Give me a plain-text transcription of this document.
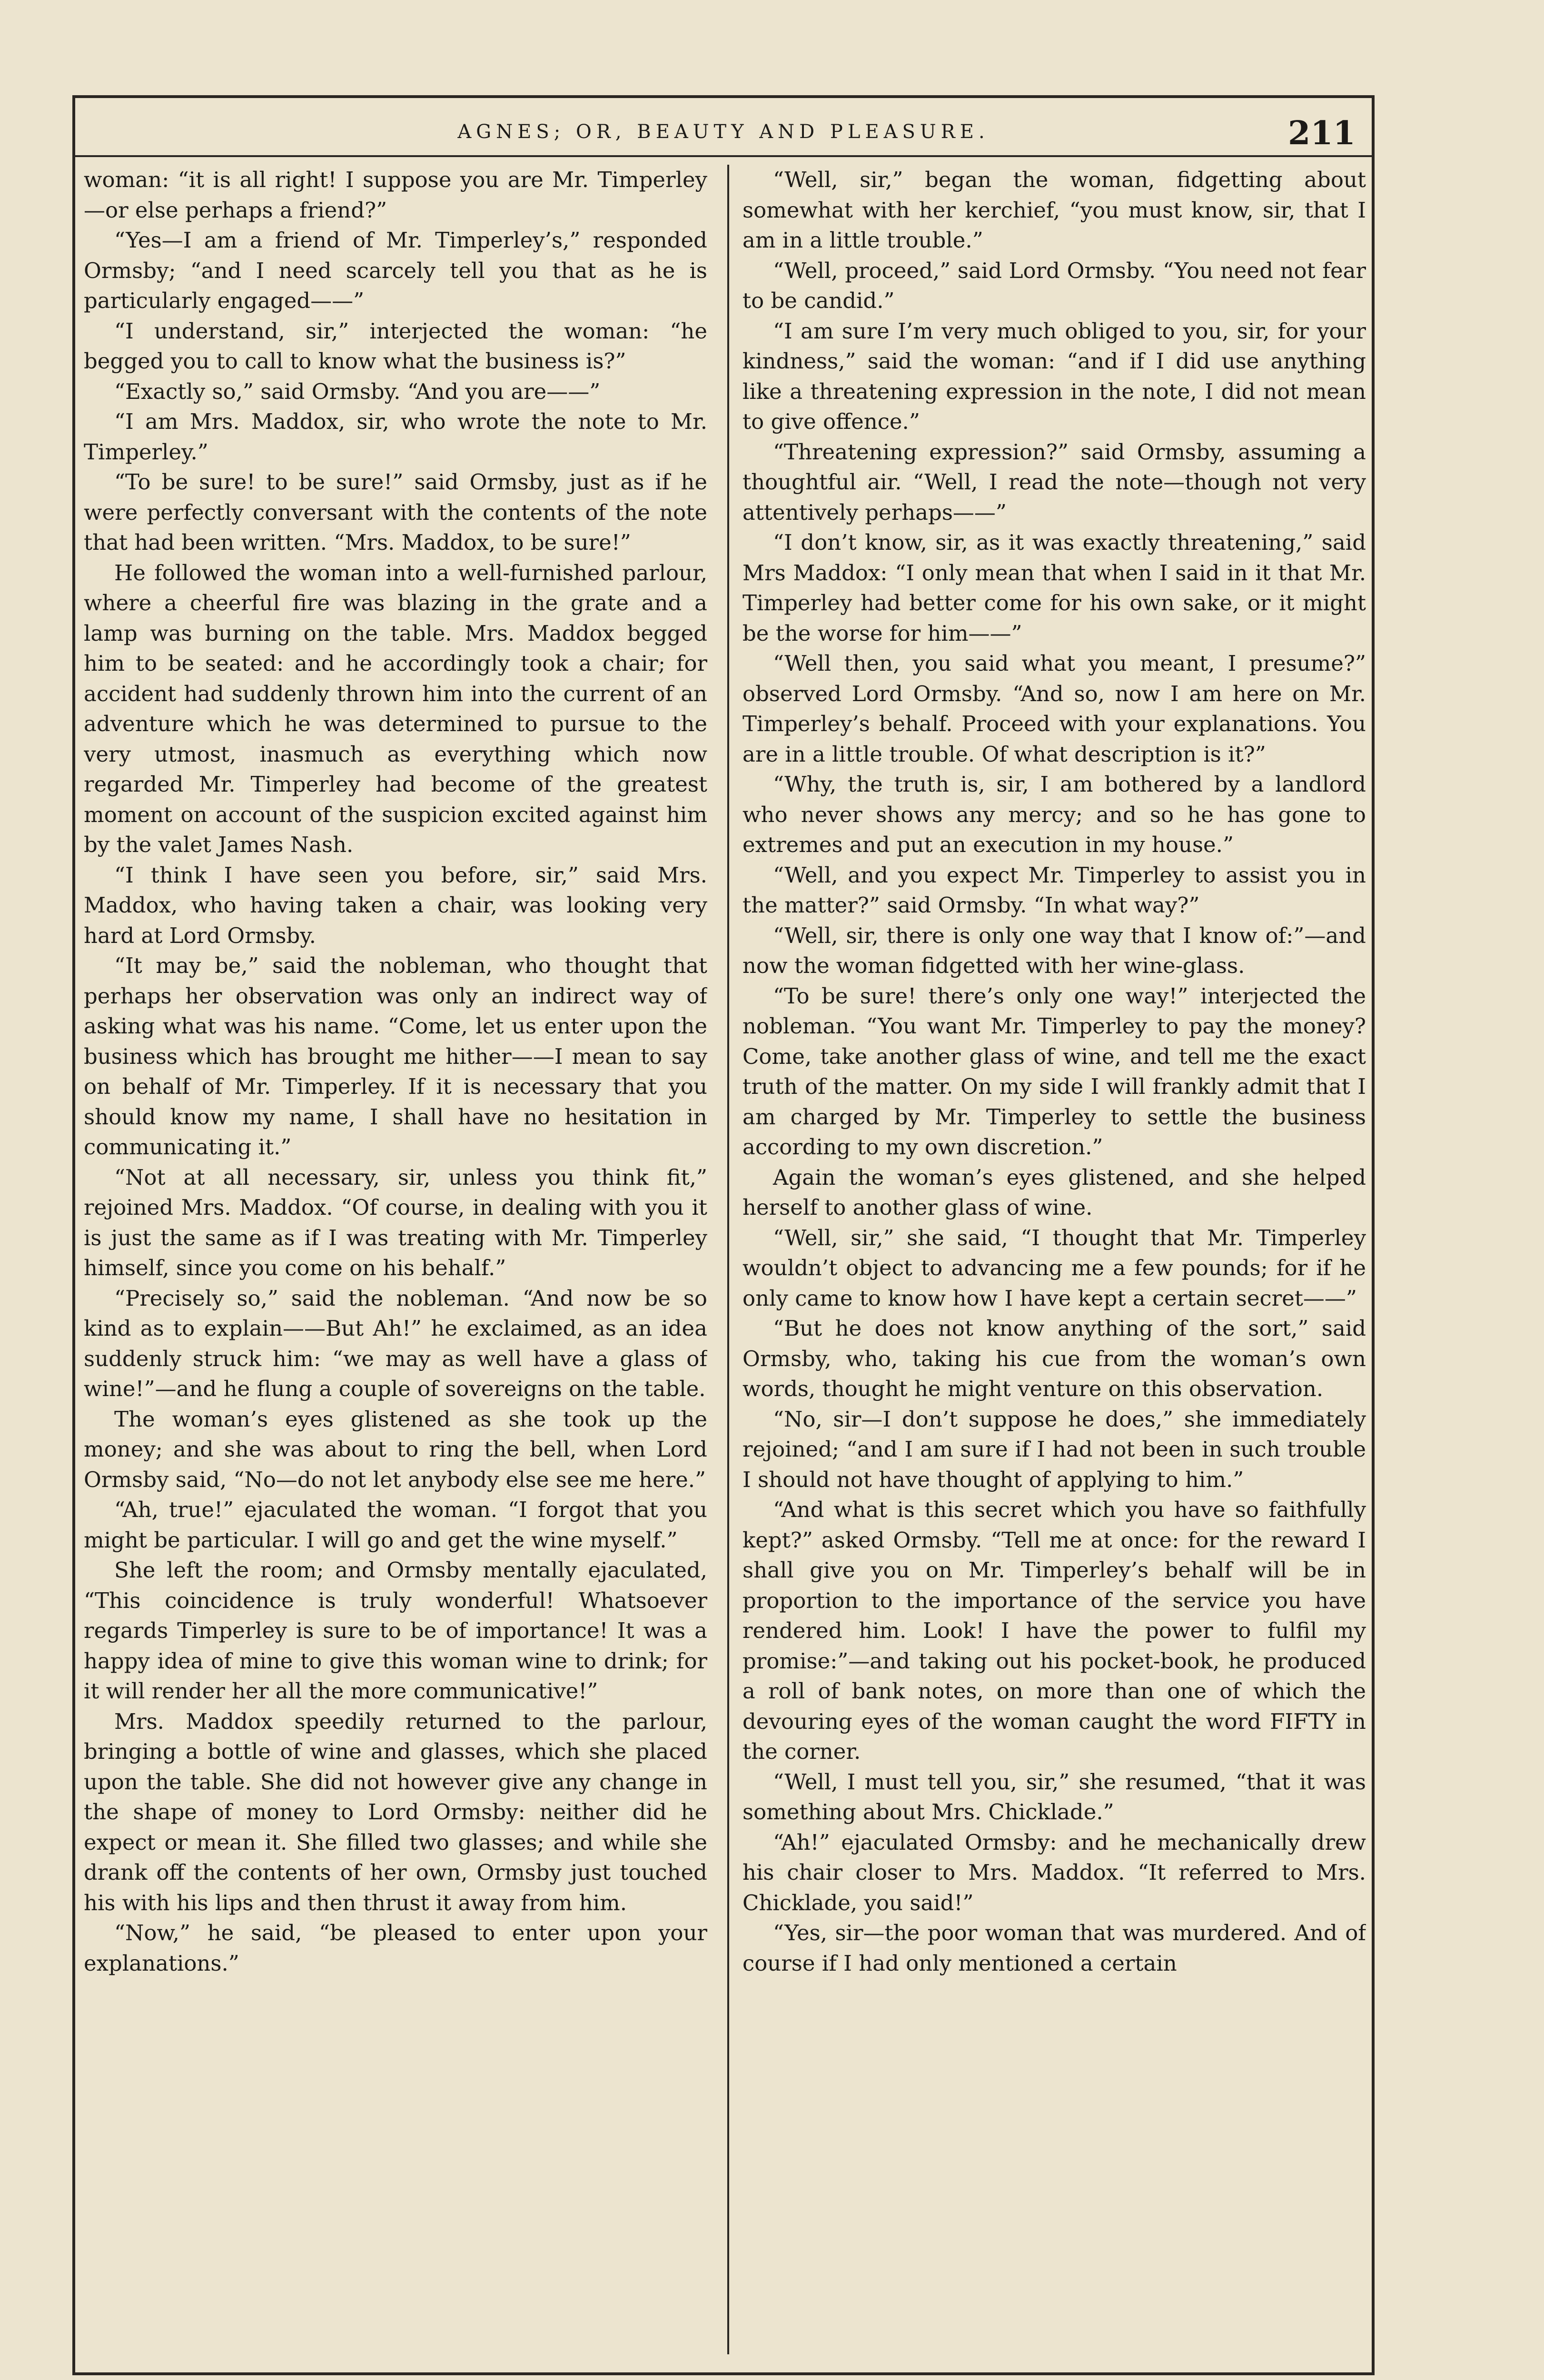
AGNES; OR, BEAUTY AND PLEASURE.	211

woman: “it is all right! I suppose you are Mr. Timperley—or else perhaps a friend?”

“Yes—I am a friend of Mr. Timperley’s,” responded Ormsby; “and I need scarcely tell you that as he is particularly engaged——”

“I understand, sir,” interjected the woman: “he begged you to call to know what the business is?”

“Exactly so,” said Ormsby. “And you are——”

“I am Mrs. Maddox, sir, who wrote the note to Mr. Timperley.”

“To be sure! to be sure!” said Ormsby, just as if he were perfectly conversant with the contents of the note that had been written. “Mrs. Maddox, to be sure!”

He followed the woman into a well-furnished parlour, where a cheerful fire was blazing in the grate and a lamp was burning on the table. Mrs. Maddox begged him to be seated: and he accordingly took a chair; for accident had suddenly thrown him into the current of an adventure which he was determined to pursue to the very utmost, inasmuch as everything which now regarded Mr. Timperley had become of the greatest moment on account of the suspicion excited against him by the valet James Nash.

“I think I have seen you before, sir,” said Mrs. Maddox, who having taken a chair, was looking very hard at Lord Ormsby.

“It may be,” said the nobleman, who thought that perhaps her observation was only an indirect way of asking what was his name. “Come, let us enter upon the business which has brought me hither——I mean to say on behalf of Mr. Timperley. If it is necessary that you should know my name, I shall have no hesitation in communicating it.”

“Not at all necessary, sir, unless you think fit,” rejoined Mrs. Maddox. “Of course, in dealing with you it is just the same as if I was treating with Mr. Timperley himself, since you come on his behalf.”

“Precisely so,” said the nobleman. “And now be so kind as to explain——But Ah!” he exclaimed, as an idea suddenly struck him: “we may as well have a glass of wine!”—and he flung a couple of sovereigns on the table.

The woman’s eyes glistened as she took up the money; and she was about to ring the bell, when Lord Ormsby said, “No—do not let anybody else see me here.”

“Ah, true!” ejaculated the woman. “I forgot that you might be particular. I will go and get the wine myself.”

She left the room; and Ormsby mentally ejaculated, “This coincidence is truly wonderful! Whatsoever regards Timperley is sure to be of importance! It was a happy idea of mine to give this woman wine to drink; for it will render her all the more communicative!”

Mrs. Maddox speedily returned to the parlour, bringing a bottle of wine and glasses, which she placed upon the table. She did not however give any change in the shape of money to Lord Ormsby: neither did he expect or mean it. She filled two glasses; and while she drank off the contents of her own, Ormsby just touched his with his lips and then thrust it away from him.

“Now,” he said, “be pleased to enter upon your explanations.”

“Well, sir,” began the woman, fidgetting about somewhat with her kerchief, “you must know, sir, that I am in a little trouble.”

“Well, proceed,” said Lord Ormsby. “You need not fear to be candid.”

“I am sure I’m very much obliged to you, sir, for your kindness,” said the woman: “and if I did use anything like a threatening expression in the note, I did not mean to give offence.”

“Threatening expression?” said Ormsby, assuming a thoughtful air. “Well, I read the note—though not very attentively perhaps——”

“I don’t know, sir, as it was exactly threatening,” said Mrs Maddox: “I only mean that when I said in it that Mr. Timperley had better come for his own sake, or it might be the worse for him——”

“Well then, you said what you meant, I presume?” observed Lord Ormsby. “And so, now I am here on Mr. Timperley’s behalf. Proceed with your explanations. You are in a little trouble. Of what description is it?”

“Why, the truth is, sir, I am bothered by a landlord who never shows any mercy; and so he has gone to extremes and put an execution in my house.”

“Well, and you expect Mr. Timperley to assist you in the matter?” said Ormsby. “In what way?”

“Well, sir, there is only one way that I know of:”—and now the woman fidgetted with her wine-glass.

“To be sure! there’s only one way!” interjected the nobleman. “You want Mr. Timperley to pay the money? Come, take another glass of wine, and tell me the exact truth of the matter. On my side I will frankly admit that I am charged by Mr. Timperley to settle the business according to my own discretion.”

Again the woman’s eyes glistened, and she helped herself to another glass of wine.

“Well, sir,” she said, “I thought that Mr. Timperley wouldn’t object to advancing me a few pounds; for if he only came to know how I have kept a certain secret——”

“But he does not know anything of the sort,” said Ormsby, who, taking his cue from the woman’s own words, thought he might venture on this observation.

“No, sir—I don’t suppose he does,” she immediately rejoined; “and I am sure if I had not been in such trouble I should not have thought of applying to him.”

“And what is this secret which you have so faithfully kept?” asked Ormsby. “Tell me at once: for the reward I shall give you on Mr. Timperley’s behalf will be in proportion to the importance of the service you have rendered him. Look! I have the power to fulfil my promise:”—and taking out his pocket-book, he produced a roll of bank notes, on more than one of which the devouring eyes of the woman caught the word FIFTY in the corner.

“Well, I must tell you, sir,” she resumed, “that it was something about Mrs. Chicklade.”

“Ah!” ejaculated Ormsby: and he mechanically drew his chair closer to Mrs. Maddox. “It referred to Mrs. Chicklade, you said!”

“Yes, sir—the poor woman that was murdered. And of course if I had only mentioned a certain
